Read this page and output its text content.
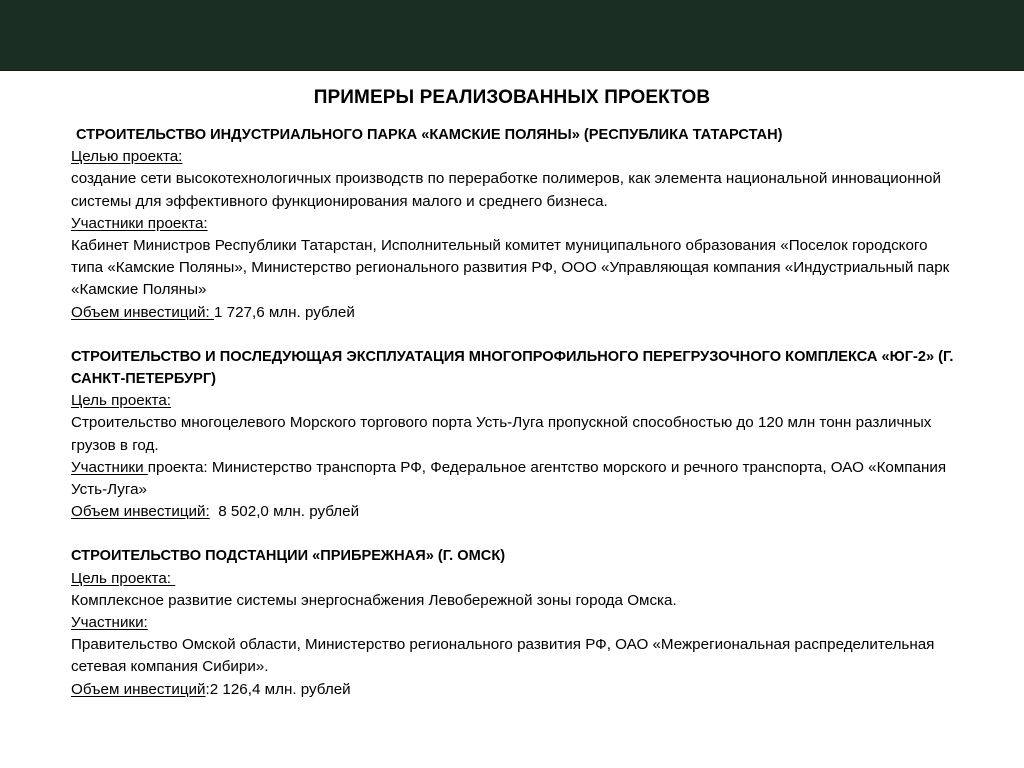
ПРИМЕРЫ РЕАЛИЗОВАННЫХ ПРОЕКТОВ
СТРОИТЕЛЬСТВО ИНДУСТРИАЛЬНОГО ПАРКА «КАМСКИЕ ПОЛЯНЫ» (РЕСПУБЛИКА ТАТАРСТАН)
Целью проекта:
создание сети высокотехнологичных производств по переработке полимеров, как элемента национальной инновационной системы для эффективного функционирования малого и среднего бизнеса.
Участники проекта:
Кабинет Министров Республики Татарстан, Исполнительный комитет муниципального образования «Поселок городского типа «Камские Поляны», Министерство регионального развития РФ, ООО «Управляющая компания «Индустриальный парк «Камские Поляны»
Объем инвестиций: 1 727,6 млн. рублей
СТРОИТЕЛЬСТВО И ПОСЛЕДУЮЩАЯ ЭКСПЛУАТАЦИЯ МНОГОПРОФИЛЬНОГО ПЕРЕГРУЗОЧНОГО КОМПЛЕКСА «ЮГ-2» (Г. САНКТ-ПЕТЕРБУРГ)
Цель проекта:
Строительство многоцелевого Морского торгового порта Усть-Луга пропускной способностью до 120 млн тонн различных грузов в год.
Участники проекта: Министерство транспорта РФ, Федеральное агентство морского и речного транспорта, ОАО «Компания Усть-Луга»
Объем инвестиций:  8 502,0 млн. рублей
СТРОИТЕЛЬСТВО ПОДСТАНЦИИ «ПРИБРЕЖНАЯ» (Г. ОМСК)
Цель проекта:
Комплексное развитие системы энергоснабжения Левобережной зоны города Омска.
Участники:
Правительство Омской области, Министерство регионального развития РФ, ОАО «Межрегиональная распределительная сетевая компания Сибири».
Объем инвестиций:2 126,4 млн. рублей
